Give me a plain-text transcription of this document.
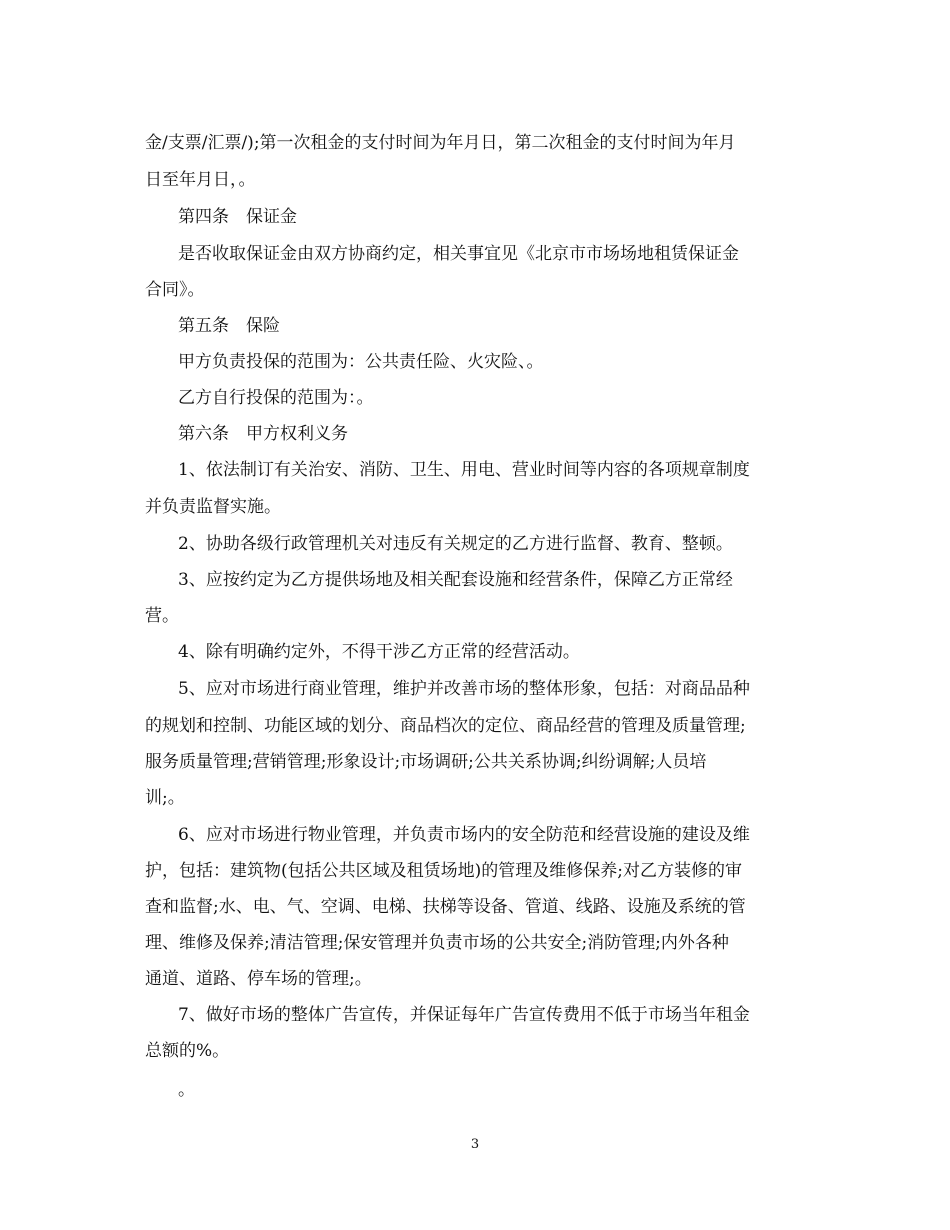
金/支票/汇票/);第一次租金的支付时间为年月日，第二次租金的支付时间为年月
日至年月日，。
第四条　保证金
是否收取保证金由双方协商约定，相关事宜见《北京市市场场地租赁保证金
合同》。
第五条　保险
甲方负责投保的范围为：公共责任险、火灾险、。
乙方自行投保的范围为：。
第六条　甲方权利义务
1、依法制订有关治安、消防、卫生、用电、营业时间等内容的各项规章制度
并负责监督实施。
2、协助各级行政管理机关对违反有关规定的乙方进行监督、教育、整顿。
3、应按约定为乙方提供场地及相关配套设施和经营条件，保障乙方正常经
营。
4、除有明确约定外，不得干涉乙方正常的经营活动。
5、应对市场进行商业管理，维护并改善市场的整体形象，包括：对商品品种
的规划和控制、功能区域的划分、商品档次的定位、商品经营的管理及质量管理;
服务质量管理;营销管理;形象设计;市场调研;公共关系协调;纠纷调解;人员培
训;。
6、应对市场进行物业管理，并负责市场内的安全防范和经营设施的建设及维
护，包括：建筑物(包括公共区域及租赁场地)的管理及维修保养;对乙方装修的审
查和监督;水、电、气、空调、电梯、扶梯等设备、管道、线路、设施及系统的管
理、维修及保养;清洁管理;保安管理并负责市场的公共安全;消防管理;内外各种
通道、道路、停车场的管理;。
7、做好市场的整体广告宣传，并保证每年广告宣传费用不低于市场当年租金
总额的%。
。
3
